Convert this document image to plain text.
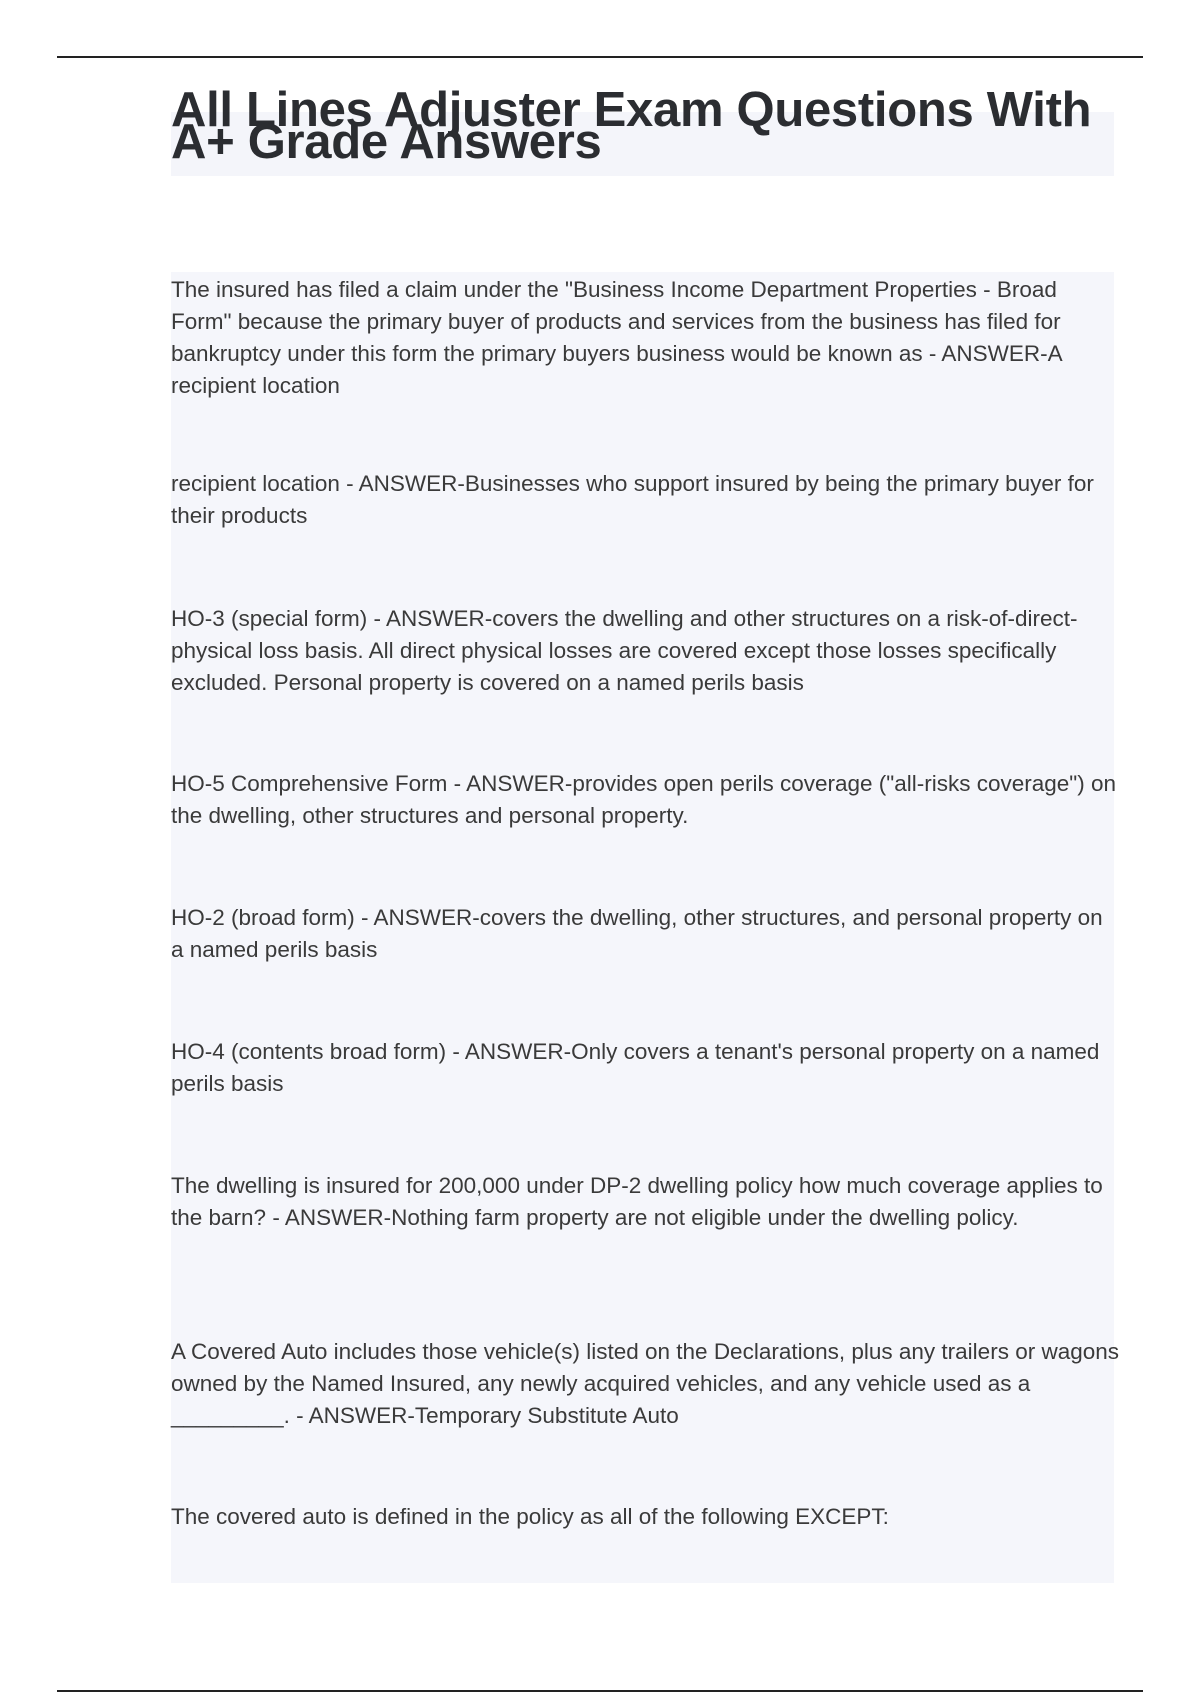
All Lines Adjuster Exam Questions With A+ Grade Answers

The insured has filed a claim under the "Business Income Department Properties - Broad Form" because the primary buyer of products and services from the business has filed for bankruptcy under this form the primary buyers business would be known as - ANSWER-A recipient location

recipient location - ANSWER-Businesses who support insured by being the primary buyer for their products

HO-3 (special form) - ANSWER-covers the dwelling and other structures on a risk-of-direct-physical loss basis. All direct physical losses are covered except those losses specifically excluded. Personal property is covered on a named perils basis

HO-5 Comprehensive Form - ANSWER-provides open perils coverage ("all-risks coverage") on the dwelling, other structures and personal property.

HO-2 (broad form) - ANSWER-covers the dwelling, other structures, and personal property on a named perils basis

HO-4 (contents broad form) - ANSWER-Only covers a tenant's personal property on a named perils basis

The dwelling is insured for 200,000 under DP-2 dwelling policy how much coverage applies to the barn? - ANSWER-Nothing farm property are not eligible under the dwelling policy.

A Covered Auto includes those vehicle(s) listed on the Declarations, plus any trailers or wagons owned by the Named Insured, any newly acquired vehicles, and any vehicle used as a _________. - ANSWER-Temporary Substitute Auto

The covered auto is defined in the policy as all of the following EXCEPT:
